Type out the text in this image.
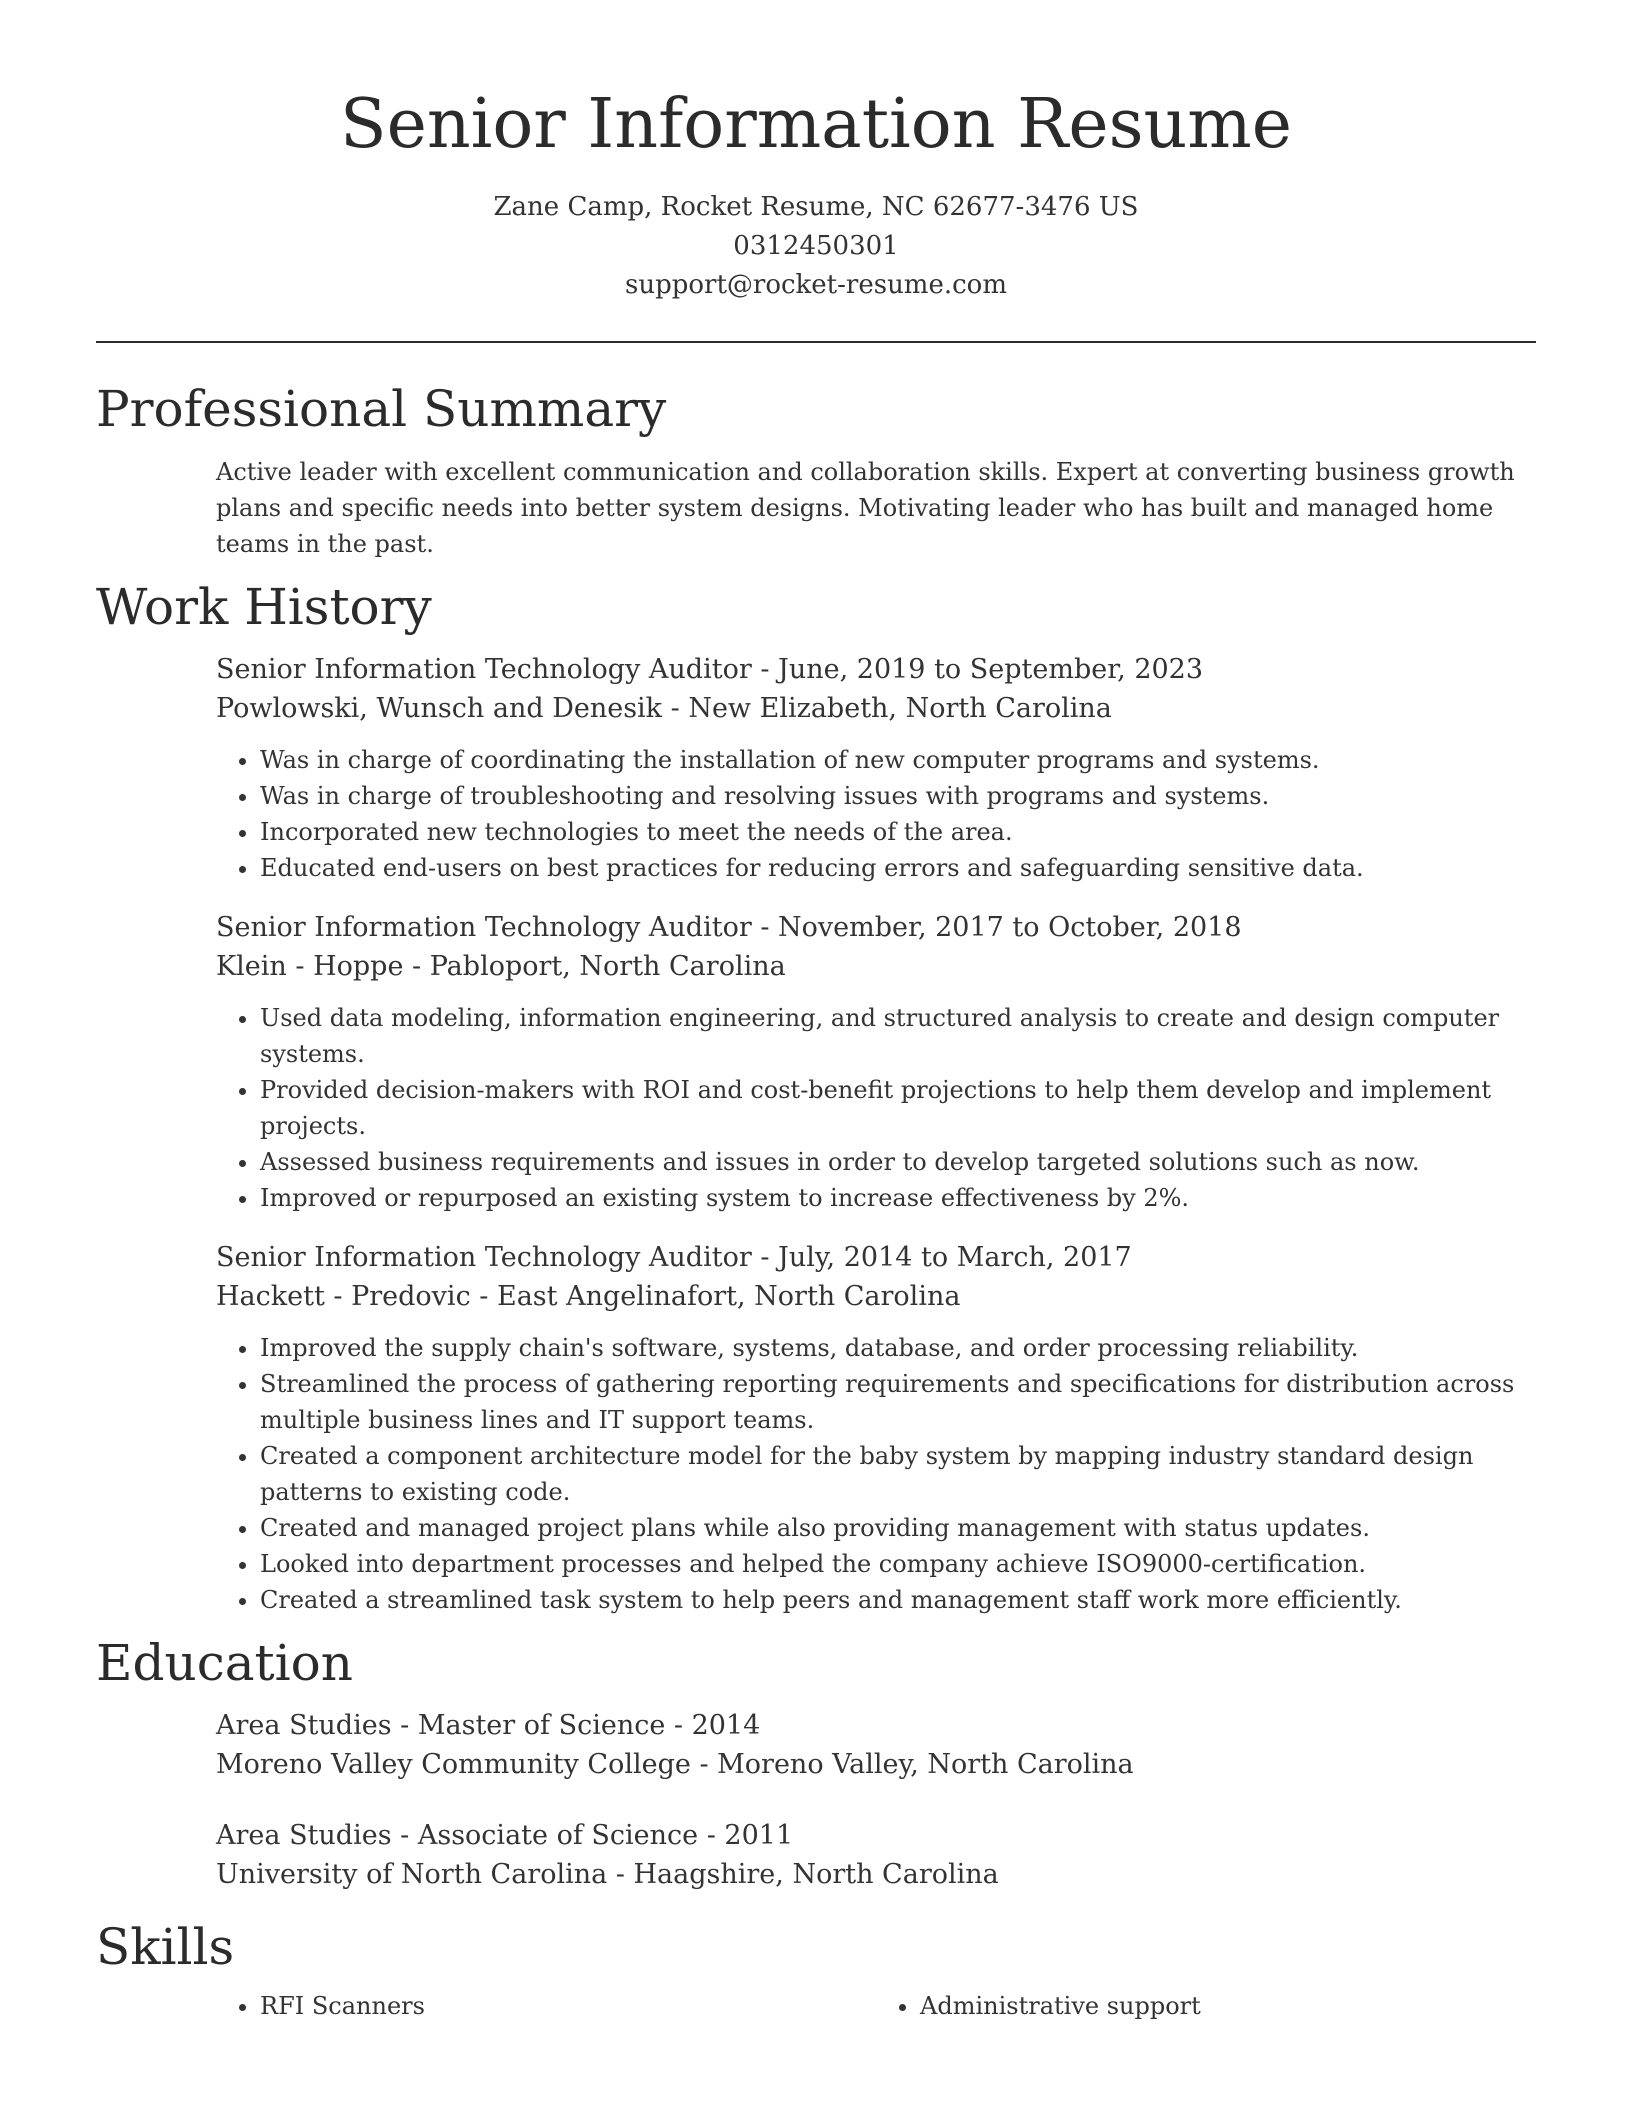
Senior Information Resume
Zane Camp, Rocket Resume, NC 62677-3476 US
0312450301
support@rocket-resume.com
Professional Summary

Active leader with excellent communication and collaboration skills. Expert at converting business growth plans and specific needs into better system designs. Motivating leader who has built and managed home teams in the past.

Work History
Senior Information Technology Auditor - June, 2019 to September, 2023
Powlowski, Wunsch and Denesik - New Elizabeth, North Carolina
• Was in charge of coordinating the installation of new computer programs and systems.
• Was in charge of troubleshooting and resolving issues with programs and systems.
• Incorporated new technologies to meet the needs of the area.
• Educated end-users on best practices for reducing errors and safeguarding sensitive data.
Senior Information Technology Auditor - November, 2017 to October, 2018
Klein - Hoppe - Pabloport, North Carolina
• Used data modeling, information engineering, and structured analysis to create and design computer systems.
• Provided decision-makers with ROI and cost-benefit projections to help them develop and implement projects.
• Assessed business requirements and issues in order to develop targeted solutions such as now.
• Improved or repurposed an existing system to increase effectiveness by 2%.
Senior Information Technology Auditor - July, 2014 to March, 2017
Hackett - Predovic - East Angelinafort, North Carolina
• Improved the supply chain's software, systems, database, and order processing reliability.
• Streamlined the process of gathering reporting requirements and specifications for distribution across multiple business lines and IT support teams.
• Created a component architecture model for the baby system by mapping industry standard design patterns to existing code.
• Created and managed project plans while also providing management with status updates.
• Looked into department processes and helped the company achieve ISO9000-certification.
• Created a streamlined task system to help peers and management staff work more efficiently.
Education
Area Studies - Master of Science - 2014
Moreno Valley Community College - Moreno Valley, North Carolina
Area Studies - Associate of Science - 2011
University of North Carolina - Haagshire, North Carolina
Skills
• RFI Scanners
•	Administrative support
